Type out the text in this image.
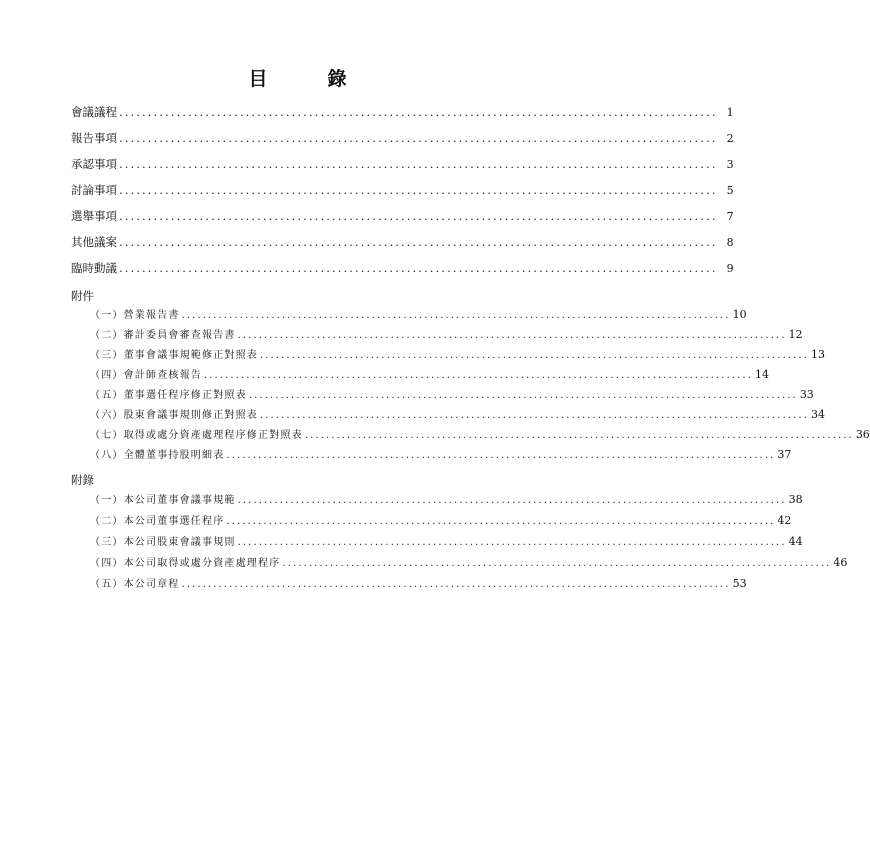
目	錄
會議議程 ........................................................................................................ 1
報告事項 ........................................................................................................ 2
承認事項 ........................................................................................................ 3
討論事項 ........................................................................................................ 5
選舉事項 ........................................................................................................ 7
其他議案 ........................................................................................................ 8
臨時動議 ........................................................................................................ 9
附件
（一）營業報告書 ........................................................................................................ 10
（二）審計委員會審查報告書 ........................................................................................................ 12
（三）董事會議事規範修正對照表 ........................................................................................................ 13
（四）會計師查核報告 ........................................................................................................ 14
（五）董事選任程序修正對照表 ........................................................................................................ 33
（六）股東會議事規則修正對照表 ........................................................................................................ 34
（七）取得或處分資產處理程序修正對照表 ........................................................................................................ 36
（八）全體董事持股明細表 ........................................................................................................ 37
附錄
（一）本公司董事會議事規範 ........................................................................................................ 38
（二）本公司董事選任程序 ........................................................................................................ 42
（三）本公司股東會議事規則 ........................................................................................................ 44
（四）本公司取得或處分資產處理程序 ........................................................................................................ 46
（五）本公司章程 ........................................................................................................ 53
